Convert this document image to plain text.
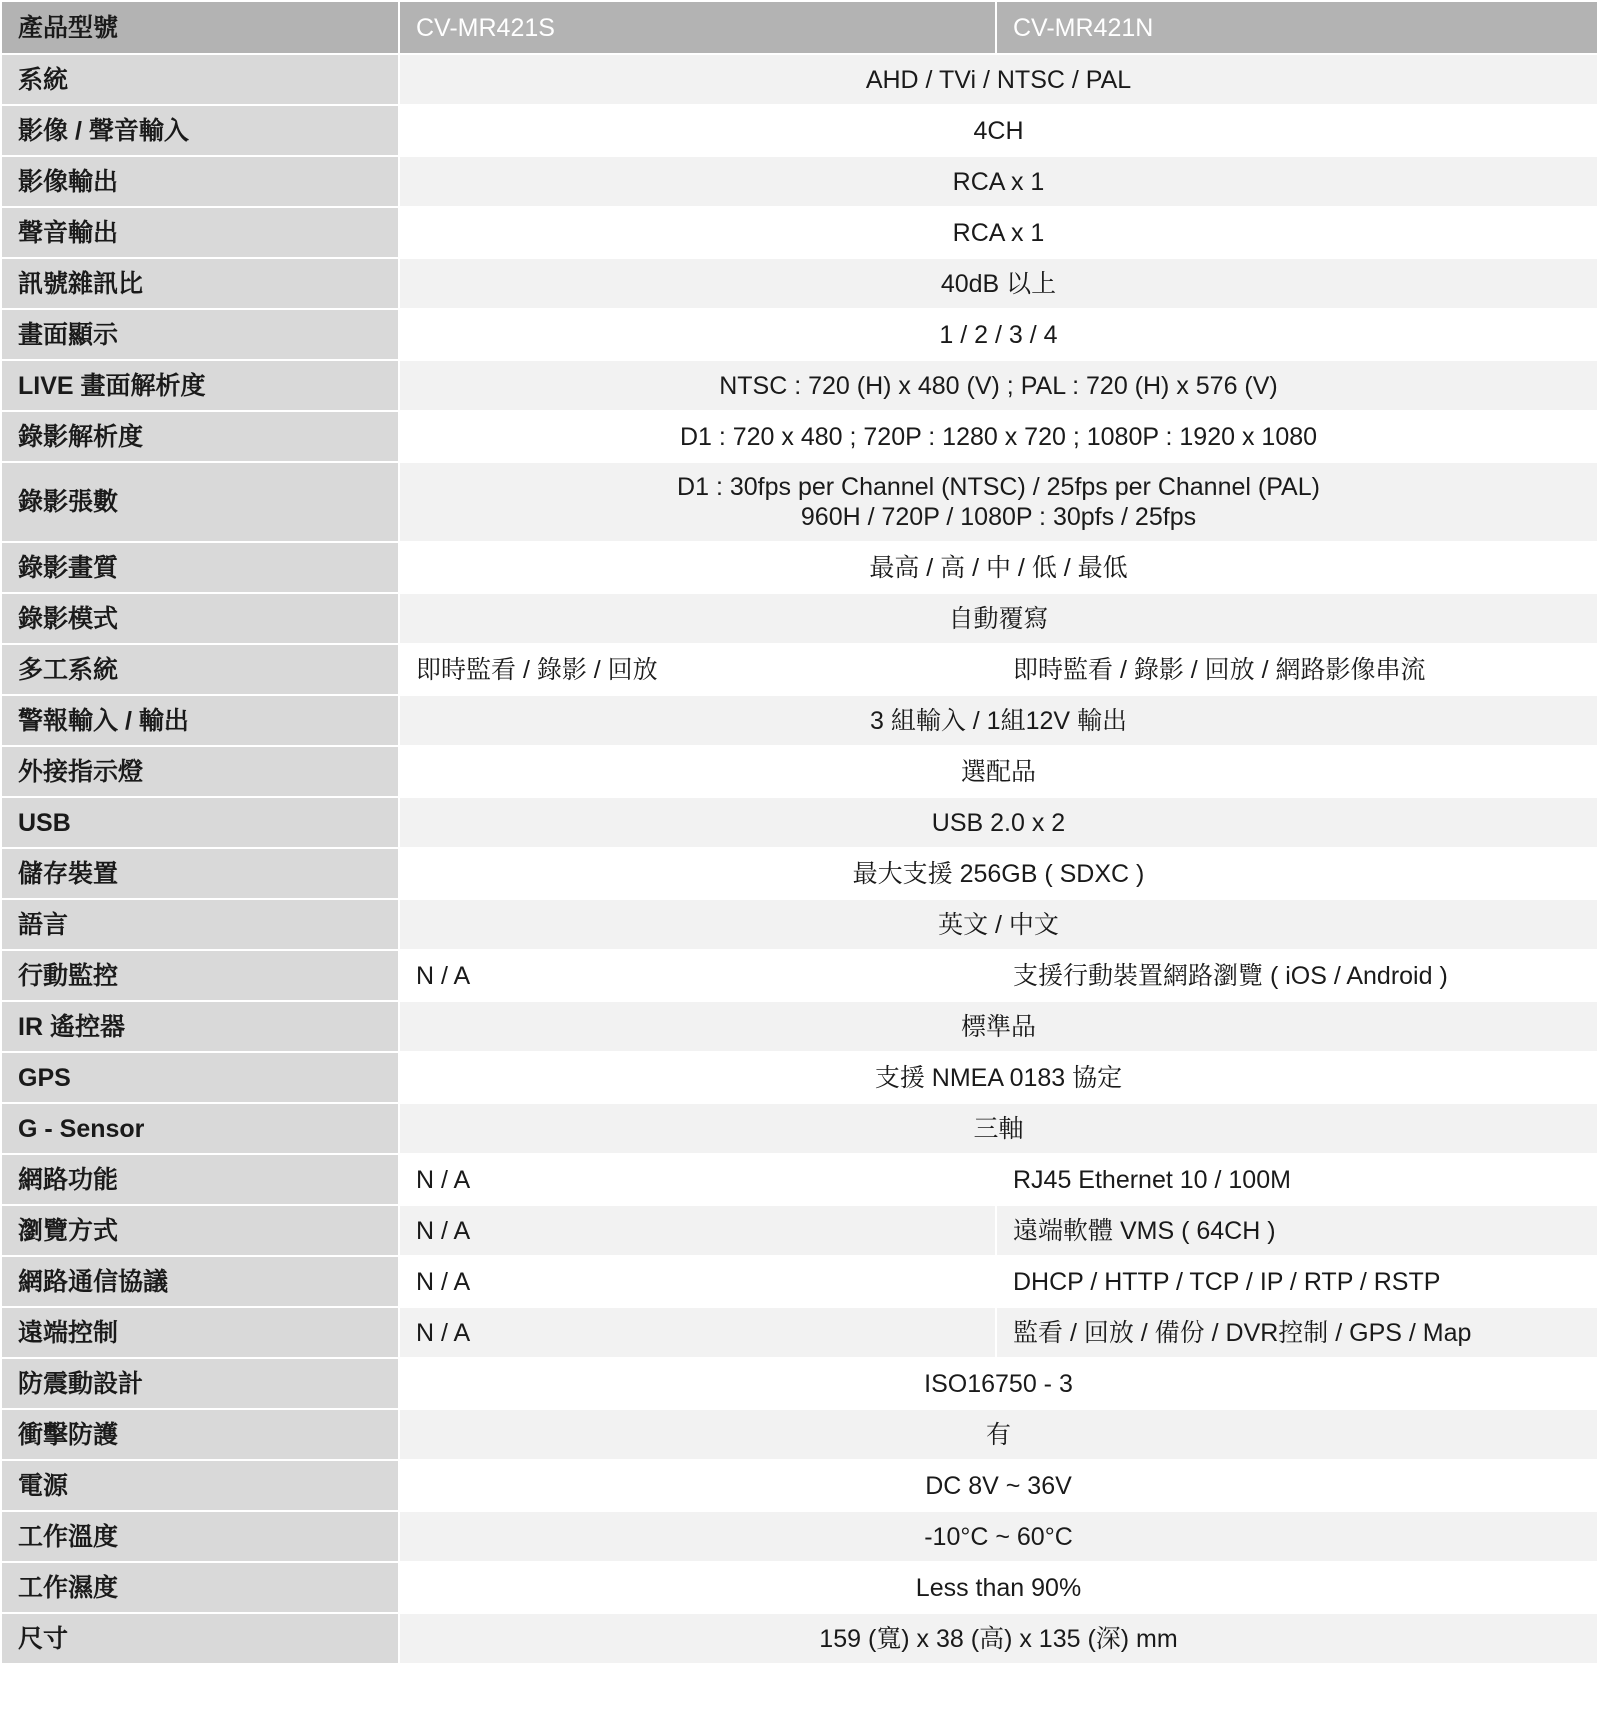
產品型號	CV-MR421S	CV-MR421N
系統	AHD / TVi / NTSC / PAL	
影像 / 聲音輸入	4CH	
影像輸出	RCA x 1	
聲音輸出	RCA x 1	
訊號雜訊比	40dB 以上	
畫面顯示	1 / 2 / 3 / 4	
LIVE 畫面解析度	NTSC : 720 (H) x 480 (V) ; PAL : 720 (H) x 576 (V)	
錄影解析度	D1 : 720 x 480 ; 720P : 1280 x 720 ; 1080P : 1920 x 1080	
錄影張數	D1 : 30fps per Channel (NTSC) / 25fps per Channel (PAL)
960H / 720P / 1080P : 30pfs / 25fps	

錄影畫質	最高 / 高 / 中 / 低 / 最低	
錄影模式	自動覆寫	
多工系統	即時監看 / 錄影 / 回放	即時監看 / 錄影 / 回放 / 網路影像串流
警報輸入 / 輸出	3 組輸入 / 1組12V 輸出	
外接指示燈	選配品	
USB	USB 2.0 x 2	
儲存裝置	最大支援 256GB ( SDXC )	
語言	英文 / 中文	
行動監控	N / A	支援行動裝置網路瀏覽 ( iOS / Android )
IR 遙控器	標準品	
GPS	支援 NMEA 0183 協定	
G - Sensor	三軸	
網路功能	N / A	RJ45 Ethernet 10 / 100M
瀏覽方式	N / A	遠端軟體 VMS ( 64CH )
網路通信協議	N / A	DHCP / HTTP / TCP / IP / RTP / RSTP
遠端控制	N / A	監看 / 回放 / 備份 / DVR控制 / GPS / Map
防震動設計	ISO16750 - 3	
衝擊防護	有	
電源	DC 8V ~ 36V	
工作溫度	-10°C ~ 60°C	
工作濕度	Less than 90%	
尺寸	159 (寬) x 38 (高) x 135 (深) mm	
